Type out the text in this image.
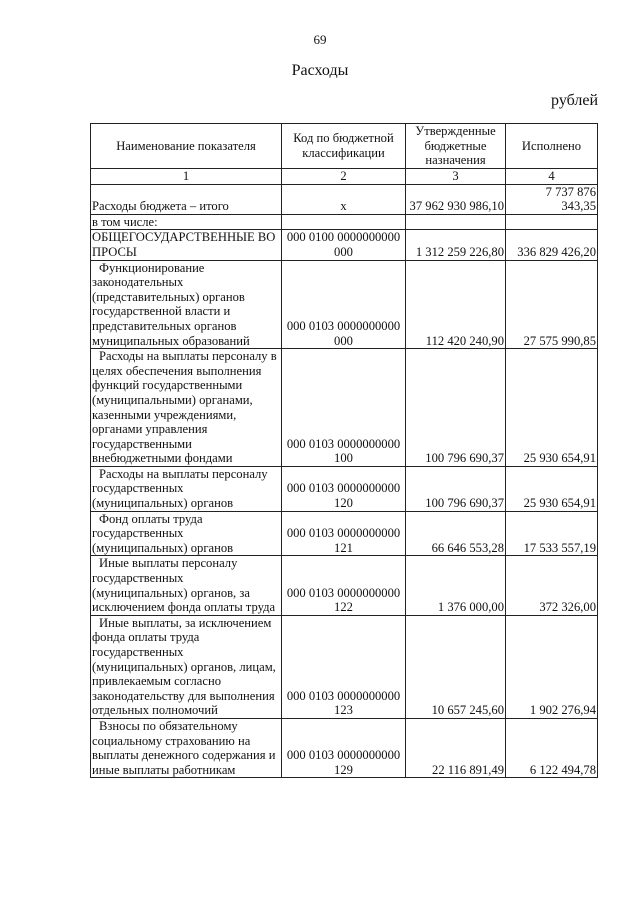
69
Расходы
рублей
Наименование показателя	Код по бюджетной классификации	Утвержденные бюджетные назначения	Исполнено
1	2	3	4
Расходы бюджета – итого	x	37 962 930 986,10	7 737 876 343,35
в том числе:			
ОБЩЕГОСУДАРСТВЕННЫЕ ВОПРОСЫ	000 0100 0000000000 000	1 312 259 226,80	336 829 426,20
Функционирование законодательных (представительных) органов государственной власти и представительных органов муниципальных образований	000 0103 0000000000 000	112 420 240,90	27 575 990,85
Расходы на выплаты персоналу в целях обеспечения выполнения функций государственными (муниципальными) органами, казенными учреждениями, органами управления государственными внебюджетными фондами	000 0103 0000000000 100	100 796 690,37	25 930 654,91
Расходы на выплаты персоналу государственных (муниципальных) органов	000 0103 0000000000 120	100 796 690,37	25 930 654,91
Фонд оплаты труда государственных (муниципальных) органов	000 0103 0000000000 121	66 646 553,28	17 533 557,19
Иные выплаты персоналу государственных (муниципальных) органов, за исключением фонда оплаты труда	000 0103 0000000000 122	1 376 000,00	372 326,00
Иные выплаты, за исключением фонда оплаты труда государственных (муниципальных) органов, лицам, привлекаемым согласно законодательству для выполнения отдельных полномочий	000 0103 0000000000 123	10 657 245,60	1 902 276,94
Взносы по обязательному социальному страхованию на выплаты денежного содержания и иные выплаты работникам	000 0103 0000000000 129	22 116 891,49	6 122 494,78
